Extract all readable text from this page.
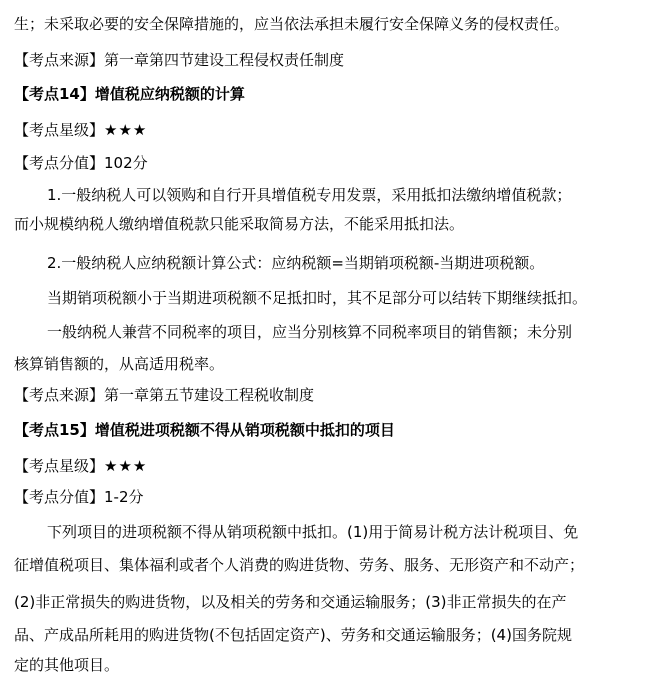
生；未采取必要的安全保障措施的，应当依法承担未履行安全保障义务的侵权责任。
【考点来源】第一章第四节建设工程侵权责任制度
【考点14】增值税应纳税额的计算
【考点星级】★★★
【考点分值】102分
1.一般纳税人可以领购和自行开具增值税专用发票，采用抵扣法缴纳增值税款；
而小规模纳税人缴纳增值税款只能采取简易方法，不能采用抵扣法。
2.一般纳税人应纳税额计算公式：应纳税额=当期销项税额-当期进项税额。
当期销项税额小于当期进项税额不足抵扣时，其不足部分可以结转下期继续抵扣。
一般纳税人兼营不同税率的项目，应当分别核算不同税率项目的销售额；未分别
核算销售额的，从高适用税率。
【考点来源】第一章第五节建设工程税收制度
【考点15】增值税进项税额不得从销项税额中抵扣的项目
【考点星级】★★★
【考点分值】1-2分
下列项目的进项税额不得从销项税额中抵扣。(1)用于简易计税方法计税项目、免
征增值税项目、集体福利或者个人消费的购进货物、劳务、服务、无形资产和不动产；
(2)非正常损失的购进货物，以及相关的劳务和交通运输服务；(3)非正常损失的在产
品、产成品所耗用的购进货物(不包括固定资产)、劳务和交通运输服务；(4)国务院规
定的其他项目。
